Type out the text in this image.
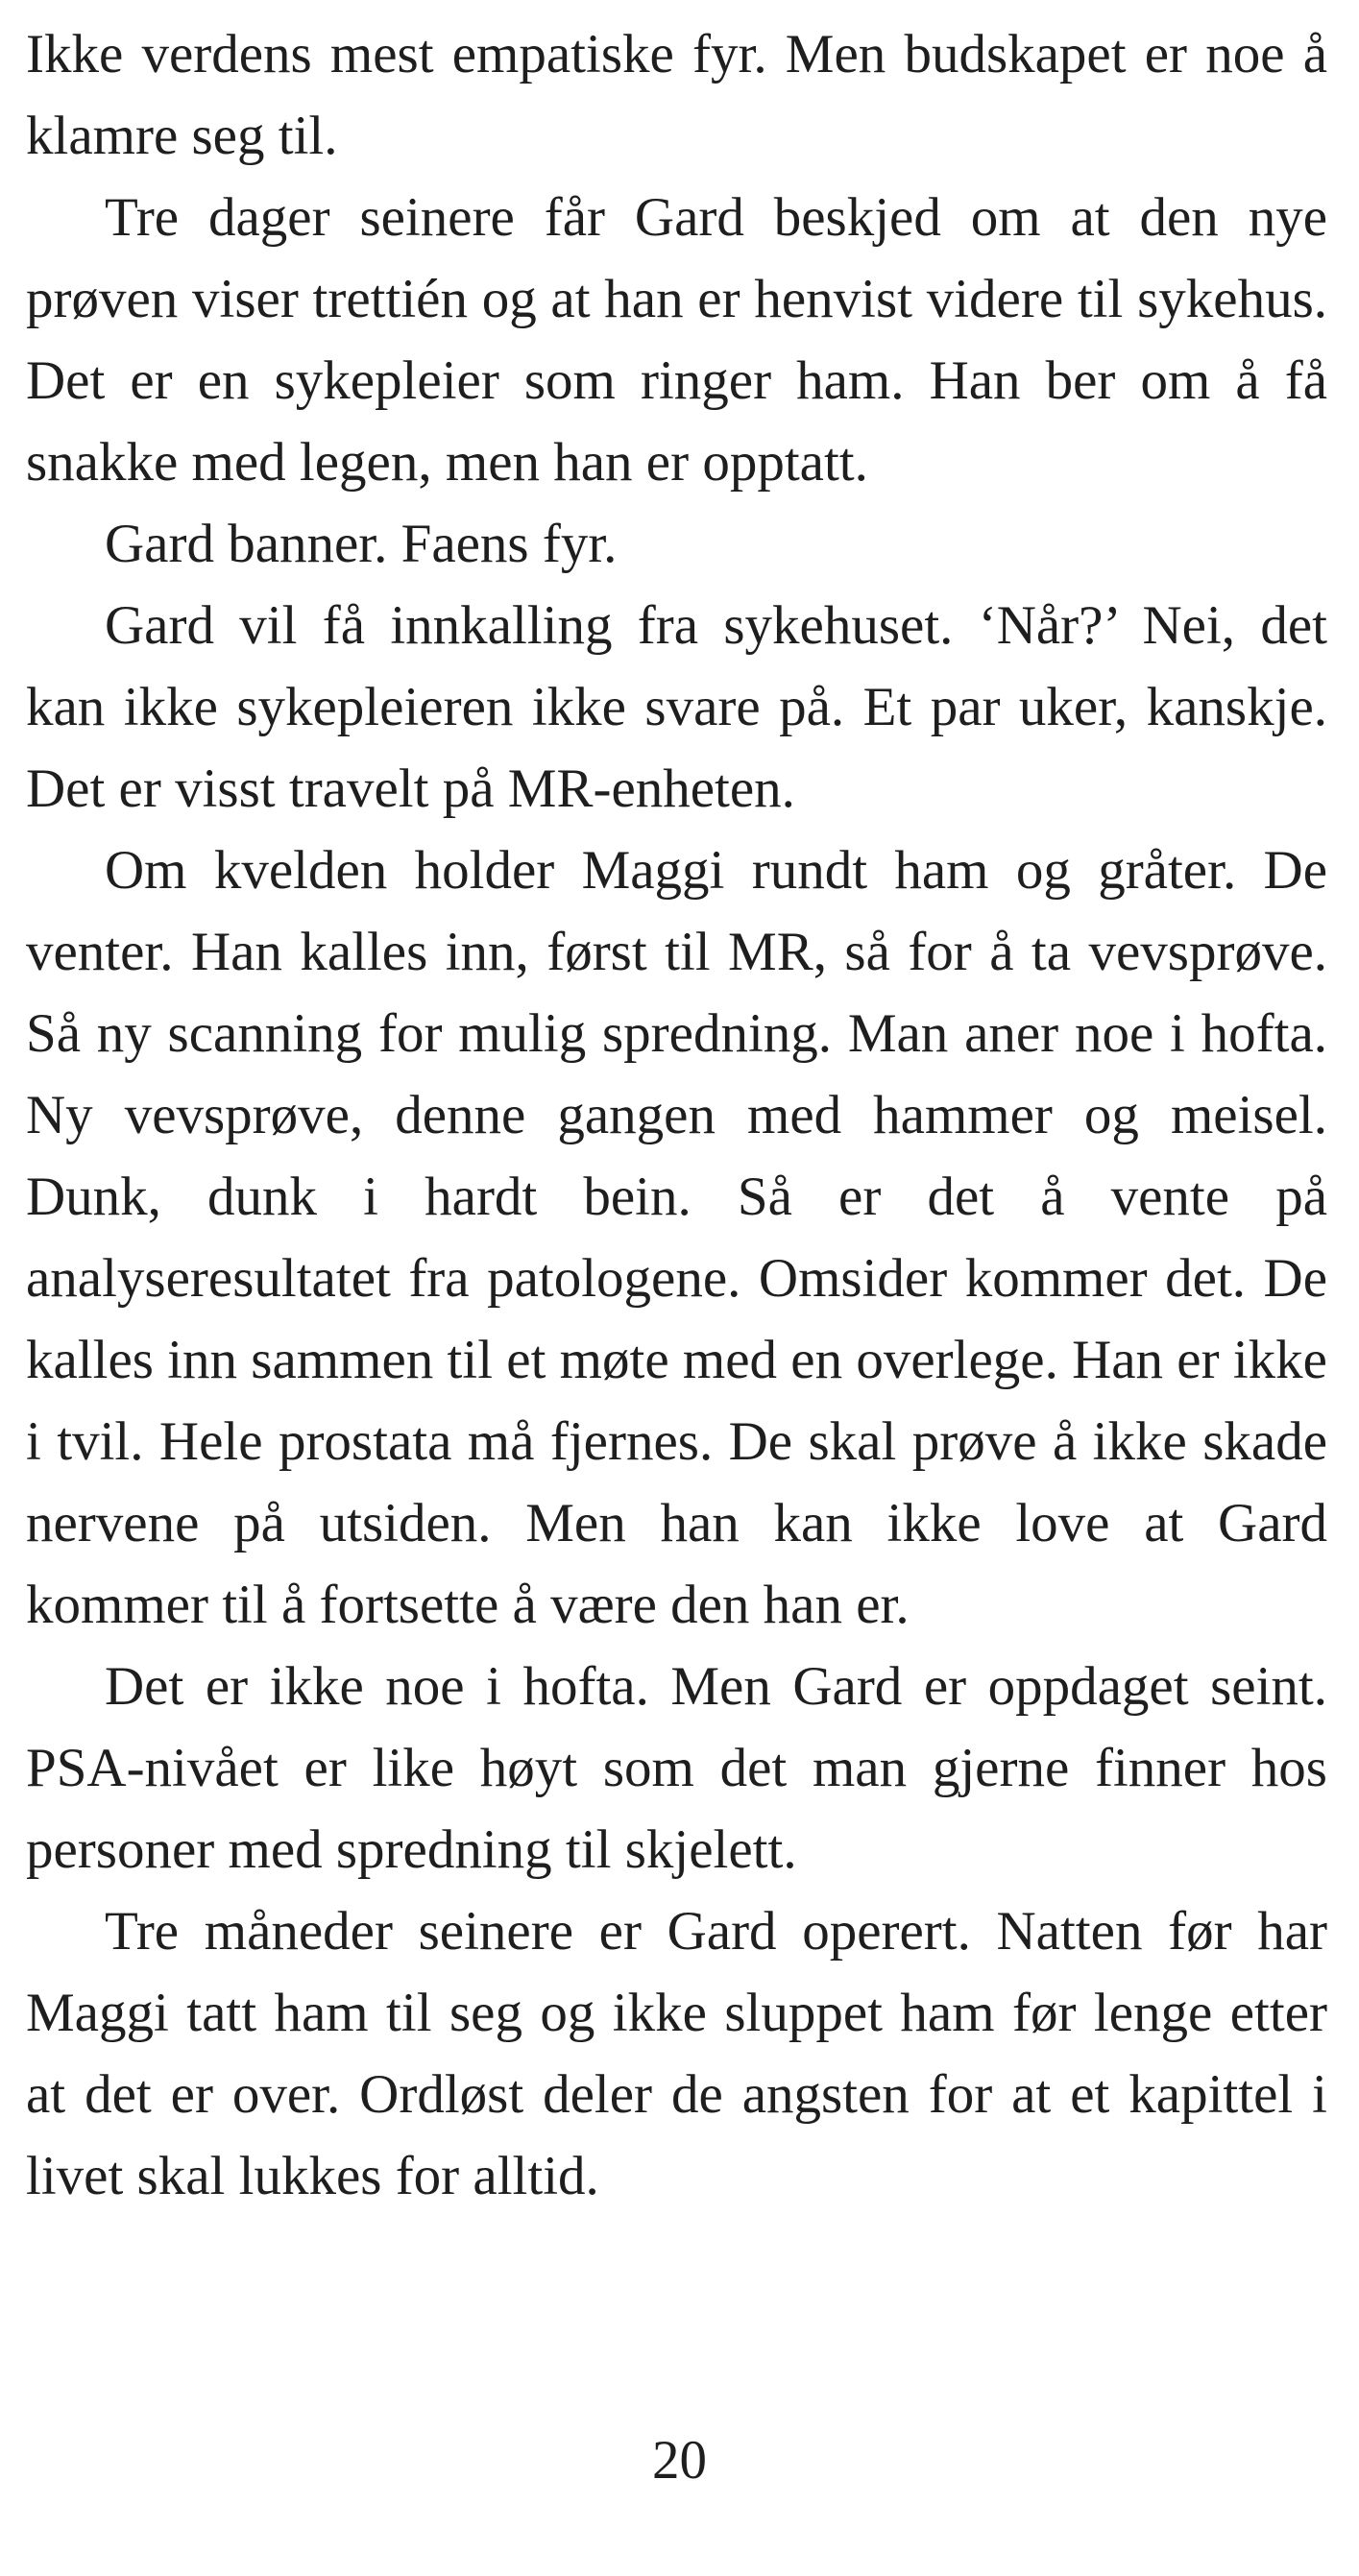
Ikke verdens mest empatiske fyr. Men budskapet er noe å klamre seg til.

Tre dager seinere får Gard beskjed om at den nye prøven viser trettién og at han er henvist videre til sykehus. Det er en sykepleier som ringer ham. Han ber om å få snakke med legen, men han er opptatt.

Gard banner. Faens fyr.

Gard vil få innkalling fra sykehuset. ‘Når?’ Nei, det kan ikke sykepleieren ikke svare på. Et par uker, kanskje. Det er visst travelt på MR-enheten.

Om kvelden holder Maggi rundt ham og gråter. De venter. Han kalles inn, først til MR, så for å ta vevsprøve. Så ny scanning for mulig spredning. Man aner noe i hofta. Ny vevsprøve, denne gangen med hammer og meisel. Dunk, dunk i hardt bein. Så er det å vente på analyseresultatet fra patologene. Omsider kommer det. De kalles inn sammen til et møte med en overlege. Han er ikke i tvil. Hele prostata må fjernes. De skal prøve å ikke skade nervene på utsiden. Men han kan ikke love at Gard kommer til å fortsette å være den han er.

Det er ikke noe i hofta. Men Gard er oppdaget seint. PSA-nivået er like høyt som det man gjerne finner hos personer med spredning til skjelett.

Tre måneder seinere er Gard operert. Natten før har Maggi tatt ham til seg og ikke sluppet ham før lenge etter at det er over. Ordløst deler de angsten for at et kapittel i livet skal lukkes for alltid.

20
